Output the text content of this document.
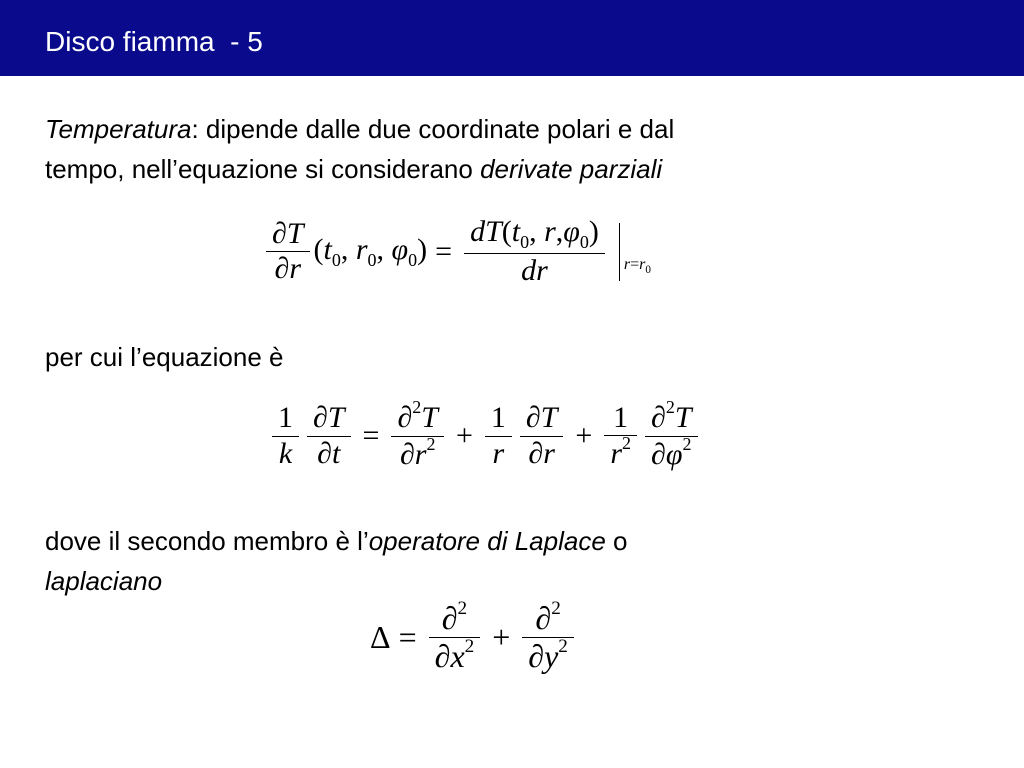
Disco fiamma  - 5
Temperatura: dipende dalle due coordinate polari e dal
tempo, nell’equazione si considerano derivate parziali
$\frac{\partial T}{\partial r} (t_0$, $r_0$, $\varphi_0) = \frac{dT(t_0, r,\varphi_0)}{dr} r=r_0$
per cui l’equazione è
$\frac{1}{k} \frac{\partial T}{\partial t} = \frac{\partial^2T}{\partial r^2} + \frac{1}{r} \frac{\partial T}{\partial r} + \frac{1}{r^2} \frac{\partial^2T}{\partial\varphi^2}$
dove il secondo membro è l’operatore di Laplace o
laplaciano
$\Delta = \frac{\partial^2}{\partial x^2} + \frac{\partial^2}{\partial y^2}$
